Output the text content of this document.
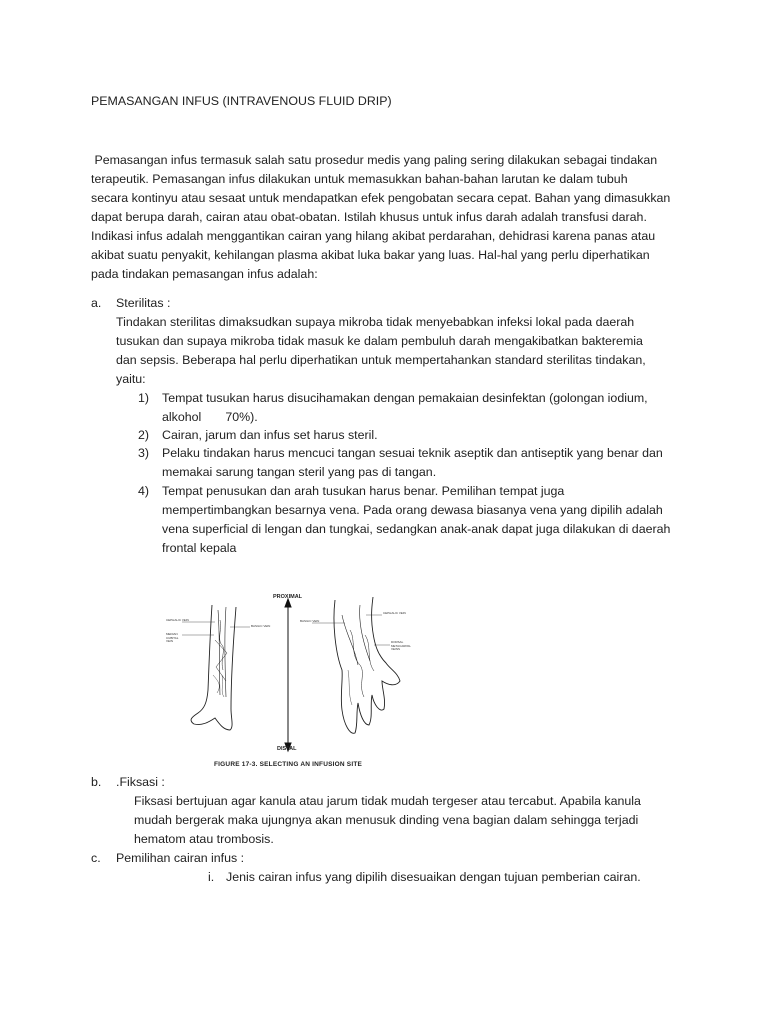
PEMASANGAN INFUS (INTRAVENOUS FLUID DRIP)
Pemasangan infus termasuk salah satu prosedur medis yang paling sering dilakukan sebagai tindakan
terapeutik. Pemasangan infus dilakukan untuk memasukkan bahan-bahan larutan ke dalam tubuh
secara kontinyu atau sesaat untuk mendapatkan efek pengobatan secara cepat. Bahan yang dimasukkan
dapat berupa darah, cairan atau obat-obatan. Istilah khusus untuk infus darah adalah transfusi darah.
Indikasi infus adalah menggantikan cairan yang hilang akibat perdarahan, dehidrasi karena panas atau
akibat suatu penyakit, kehilangan plasma akibat luka bakar yang luas. Hal-hal yang perlu diperhatikan
pada tindakan pemasangan infus adalah:
a. Sterilitas :
Tindakan sterilitas dimaksudkan supaya mikroba tidak menyebabkan infeksi lokal pada daerah
tusukan dan supaya mikroba tidak masuk ke dalam pembuluh darah mengakibatkan bakteremia
dan sepsis. Beberapa hal perlu diperhatikan untuk mempertahankan standard sterilitas tindakan,
yaitu:
1) Tempat tusukan harus disucihamakan dengan pemakaian desinfektan (golongan iodium,
alkohol       70%).
2) Cairan, jarum dan infus set harus steril.
3) Pelaku tindakan harus mencuci tangan sesuai teknik aseptik dan antiseptik yang benar dan
memakai sarung tangan steril yang pas di tangan.
4) Tempat penusukan dan arah tusukan harus benar. Pemilihan tempat juga
mempertimbangkan besarnya vena. Pada orang dewasa biasanya vena yang dipilih adalah
vena superficial di lengan dan tungkai, sedangkan anak-anak dapat juga dilakukan di daerah
frontal kepala
PROXIMAL
DISTAL
CEPHALIC VEIN
BASILIC VEIN
MEDIAN CUBITAL VEIN
BASILIC VEIN
CEPHALIC VEIN
DORSAL METACARPAL VEINS
FIGURE 17-3. SELECTING AN INFUSION SITE
b. .Fiksasi :
Fiksasi bertujuan agar kanula atau jarum tidak mudah tergeser atau tercabut. Apabila kanula
mudah bergerak maka ujungnya akan menusuk dinding vena bagian dalam sehingga terjadi
hematom atau trombosis.
c. Pemilihan cairan infus :
i. Jenis cairan infus yang dipilih disesuaikan dengan tujuan pemberian cairan.
